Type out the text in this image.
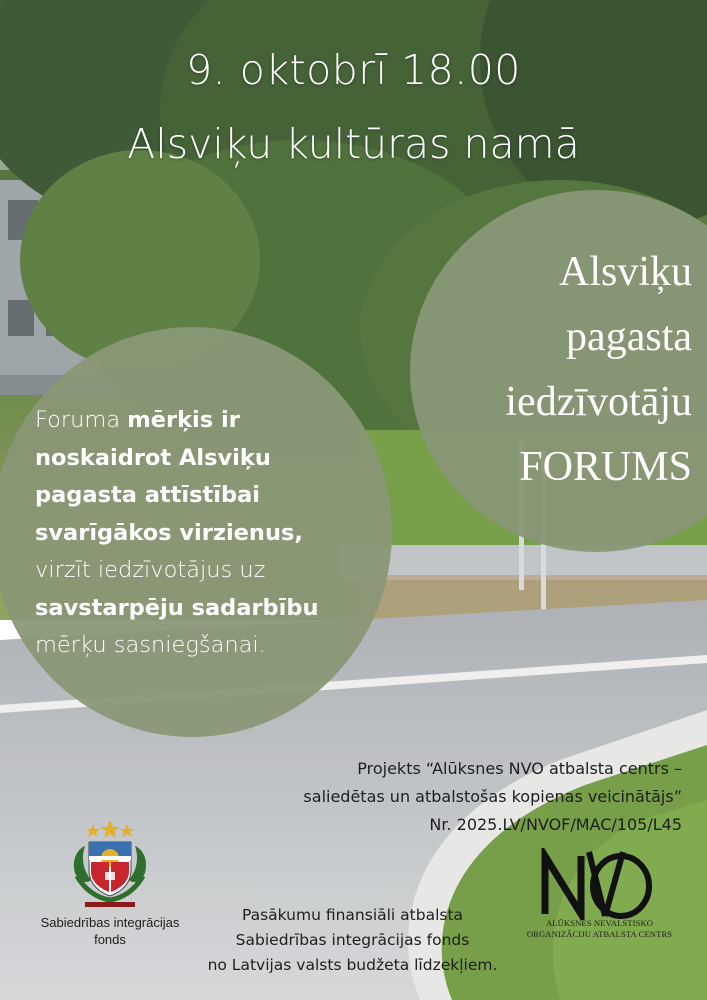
9. oktobrī 18.00
Alsviķu kultūras namā
Alsviķu
pagasta
iedzīvotāju
FORUMS
Foruma mērķis ir
noskaidrot Alsviķu
pagasta attīstībai
svarīgākos virzienus,
virzīt iedzīvotājus uz
savstarpēju sadarbību
mērķu sasniegšanai.
Projekts “Alūksnes NVO atbalsta centrs –
saliedētas un atbalstošas kopienas veicinātājs”
Nr. 2025.LV/NVOF/MAC/105/L45
Sabiedrības integrācijas
fonds
Pasākumu finansiāli atbalsta
Sabiedrības integrācijas fonds
no Latvijas valsts budžeta līdzekļiem.
ALŪKSNES NEVALSTISKO
ORGANIZĀCIJU ATBALSTA CENTRS
